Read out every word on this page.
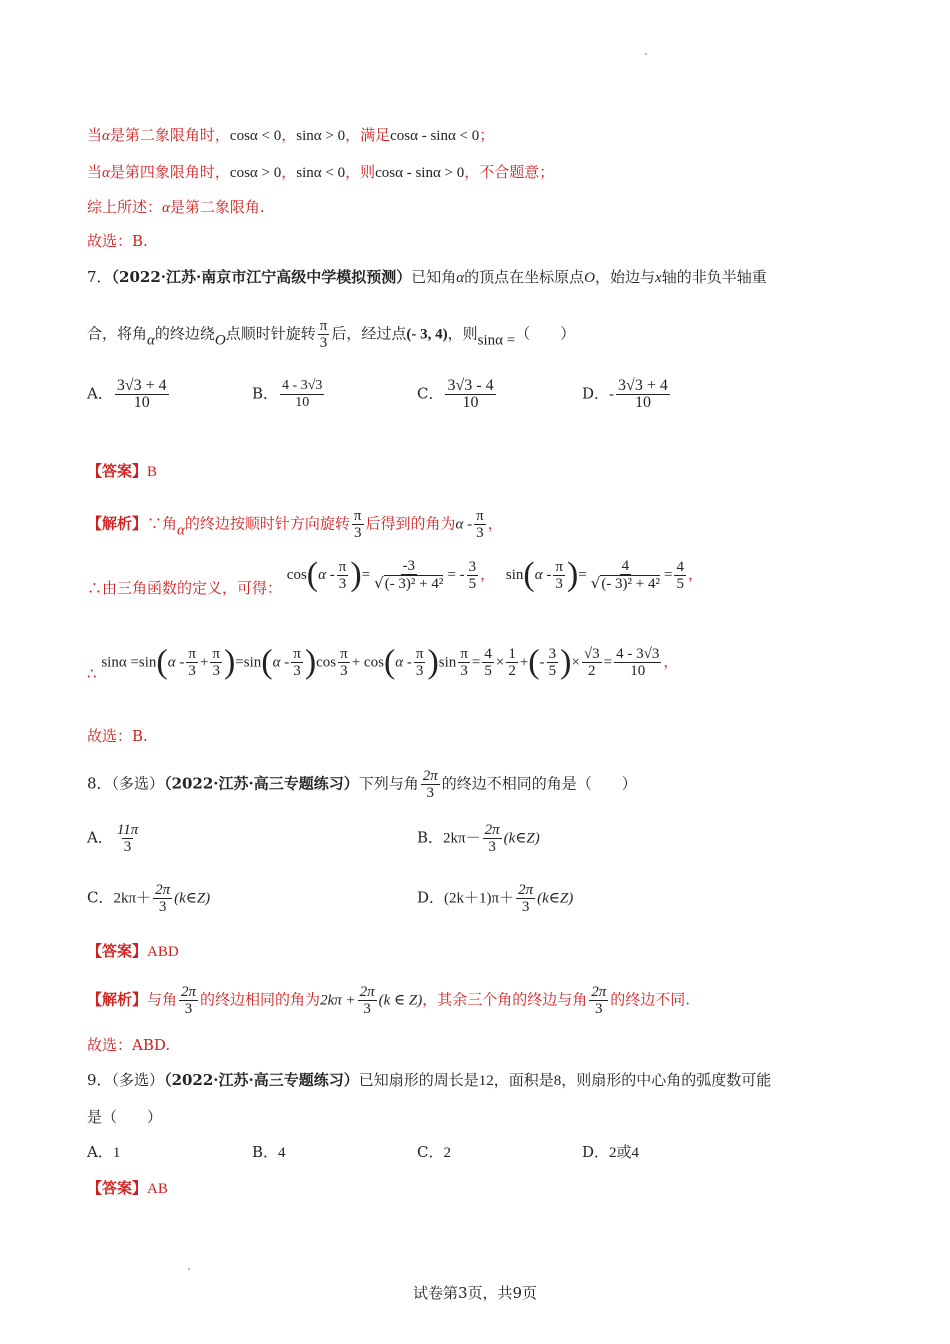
当α是第二象限角时，cosα < 0，sinα > 0，满足cosα - sinα < 0；
当α是第四象限角时，cosα > 0，sinα < 0，则cosα - sinα > 0，不合题意；
综上所述：α是第二象限角.
故选：B.
7．（2022·江苏·南京市江宁高级中学模拟预测）已知角α的顶点在坐标原点O，始边与x轴的非负半轴重
合，将角α的终边绕O点顺时针旋转 $\frac{\pi}{3}$ 后，经过点(- 3, 4)，则sinα =（　　）
A． $\frac{3√3 + 4}{10}$	B． $\frac{4 - 3√3}{10}$	C． $\frac{3√3 - 4}{10}$	D．- $\frac{3√3 + 4}{10}$
【答案】B
【解析】∵角α的终边按顺时针方向旋转 $\frac{\pi}{3}$ 后得到的角为α - $\frac{\pi}{3}$ ，
∴由三角函数的定义，可得： $\cos(\alpha - \frac{\pi}{3}$ )= $\frac{-3}{\text{√(- 3)² + 4²}}$ = - $\frac{3}{5}$ ， $\sin(\alpha - \frac{\pi}{3}$ )= $\frac{4}{\text{√(- 3)² + 4²}} = \frac{4}{5}$ ，
∴ $\sin\alpha =\sin(\alpha - \frac{\pi}{3} + \frac{\pi}{3} )=\sin(\alpha - \frac{\pi}{3} )\cos \frac{\pi}{3} + \cos(\alpha - \frac{\pi}{3} )\sin \frac{\pi}{3} = \frac{4}{5} \times \frac{1}{2}$ +(- $\frac{3}{5}$ )× $\frac{√3}{2} = \frac{4 - 3√3}{10}$ ，
故选：B.
8．（多选）（2022·江苏·高三专题练习）下列与角 $\frac{2\pi}{3}$ 的终边不相同的角是（　　）
A． $\frac{11\pi}{3}$	B．$2k\pi- \frac{2\pi}{3}$ (k∈Z)
C．$2k\pi+ \frac{2\pi}{3}$ (k∈Z)	D．$(2k+1)\pi+ \frac{2\pi}{3}$ (k∈Z)
【答案】ABD
【解析】与角 $\frac{2\pi}{3}$ 的终边相同的角为$2k\pi + \frac{2\pi}{3} (k$ ∈ Z)，其余三个角的终边与角 $\frac{2\pi}{3}$ 的终边不同.
故选：ABD.
9．（多选）（2022·江苏·高三专题练习）已知扇形的周长是12，面积是8，则扇形的中心角的弧度数可能
是（　　）
A．1	B．4	C．2	D．2或4
【答案】AB
试卷第3页，共9页
